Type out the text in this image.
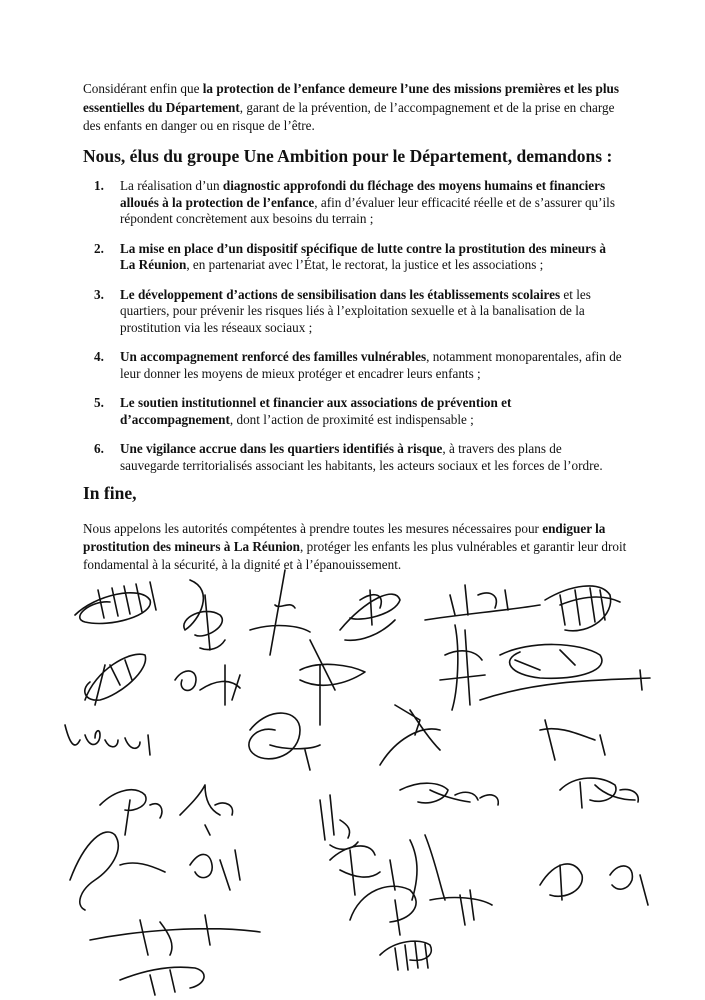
Considérant enfin que la protection de l’enfance demeure l’une des missions premières et les plus essentielles du Département, garant de la prévention, de l’accompagnement et de la prise en charge des enfants en danger ou en risque de l’être.

Nous, élus du groupe Une Ambition pour le Département, demandons :
1. La réalisation d’un diagnostic approfondi du fléchage des moyens humains et financiers alloués à la protection de l’enfance, afin d’évaluer leur efficacité réelle et de s’assurer qu’ils répondent concrètement aux besoins du terrain ;
2. La mise en place d’un dispositif spécifique de lutte contre la prostitution des mineurs à La Réunion, en partenariat avec l’État, le rectorat, la justice et les associations ;
3. Le développement d’actions de sensibilisation dans les établissements scolaires et les quartiers, pour prévenir les risques liés à l’exploitation sexuelle et à la banalisation de la prostitution via les réseaux sociaux ;
4. Un accompagnement renforcé des familles vulnérables, notamment monoparentales, afin de leur donner les moyens de mieux protéger et encadrer leurs enfants ;
5. Le soutien institutionnel et financier aux associations de prévention et d’accompagnement, dont l’action de proximité est indispensable ;
6. Une vigilance accrue dans les quartiers identifiés à risque, à travers des plans de sauvegarde territorialisés associant les habitants, les acteurs sociaux et les forces de l’ordre.
In fine,

Nous appelons les autorités compétentes à prendre toutes les mesures nécessaires pour endiguer la prostitution des mineurs à La Réunion, protéger les enfants les plus vulnérables et garantir leur droit fondamental à la sécurité, à la dignité et à l’épanouissement.
